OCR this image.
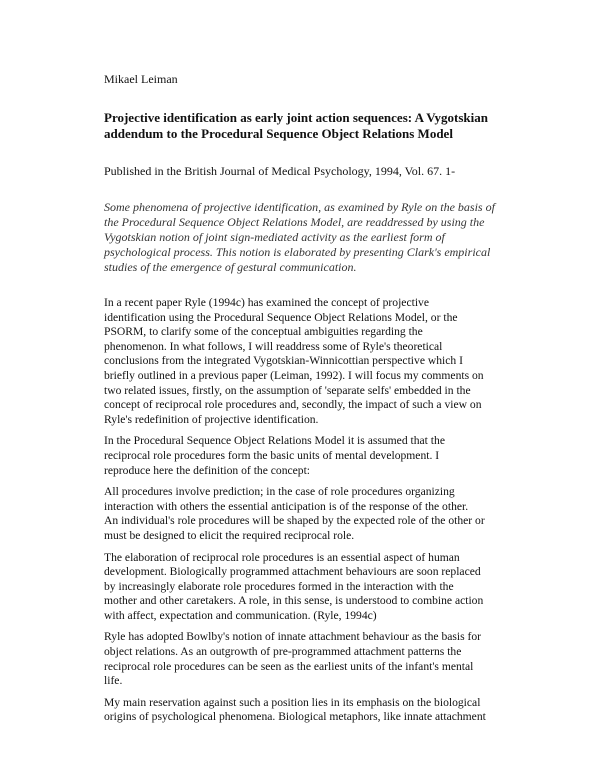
Mikael Leiman
Projective identification as early joint action sequences: A Vygotskian
addendum to the Procedural Sequence Object Relations Model

Published in the British Journal of Medical Psychology, 1994, Vol. 67. 1-

Some phenomena of projective identification, as examined by Ryle on the basis of
the Procedural Sequence Object Relations Model, are readdressed by using the
Vygotskian notion of joint sign-mediated activity as the earliest form of
psychological process. This notion is elaborated by presenting Clark's empirical
studies of the emergence of gestural communication.

In a recent paper Ryle (1994c) has examined the concept of projective
identification using the Procedural Sequence Object Relations Model, or the
PSORM, to clarify some of the conceptual ambiguities regarding the
phenomenon. In what follows, I will readdress some of Ryle's theoretical
conclusions from the integrated Vygotskian-Winnicottian perspective which I
briefly outlined in a previous paper (Leiman, 1992). I will focus my comments on
two related issues, firstly, on the assumption of 'separate selfs' embedded in the
concept of reciprocal role procedures and, secondly, the impact of such a view on
Ryle's redefinition of projective identification.

In the Procedural Sequence Object Relations Model it is assumed that the
reciprocal role procedures form the basic units of mental development. I
reproduce here the definition of the concept:

All procedures involve prediction; in the case of role procedures organizing
interaction with others the essential anticipation is of the response of the other.
An individual's role procedures will be shaped by the expected role of the other or
must be designed to elicit the required reciprocal role.

The elaboration of reciprocal role procedures is an essential aspect of human
development. Biologically programmed attachment behaviours are soon replaced
by increasingly elaborate role procedures formed in the interaction with the
mother and other caretakers. A role, in this sense, is understood to combine action
with affect, expectation and communication. (Ryle, 1994c)

Ryle has adopted Bowlby's notion of innate attachment behaviour as the basis for
object relations. As an outgrowth of pre-programmed attachment patterns the
reciprocal role procedures can be seen as the earliest units of the infant's mental
life.

My main reservation against such a position lies in its emphasis on the biological
origins of psychological phenomena. Biological metaphors, like innate attachment
